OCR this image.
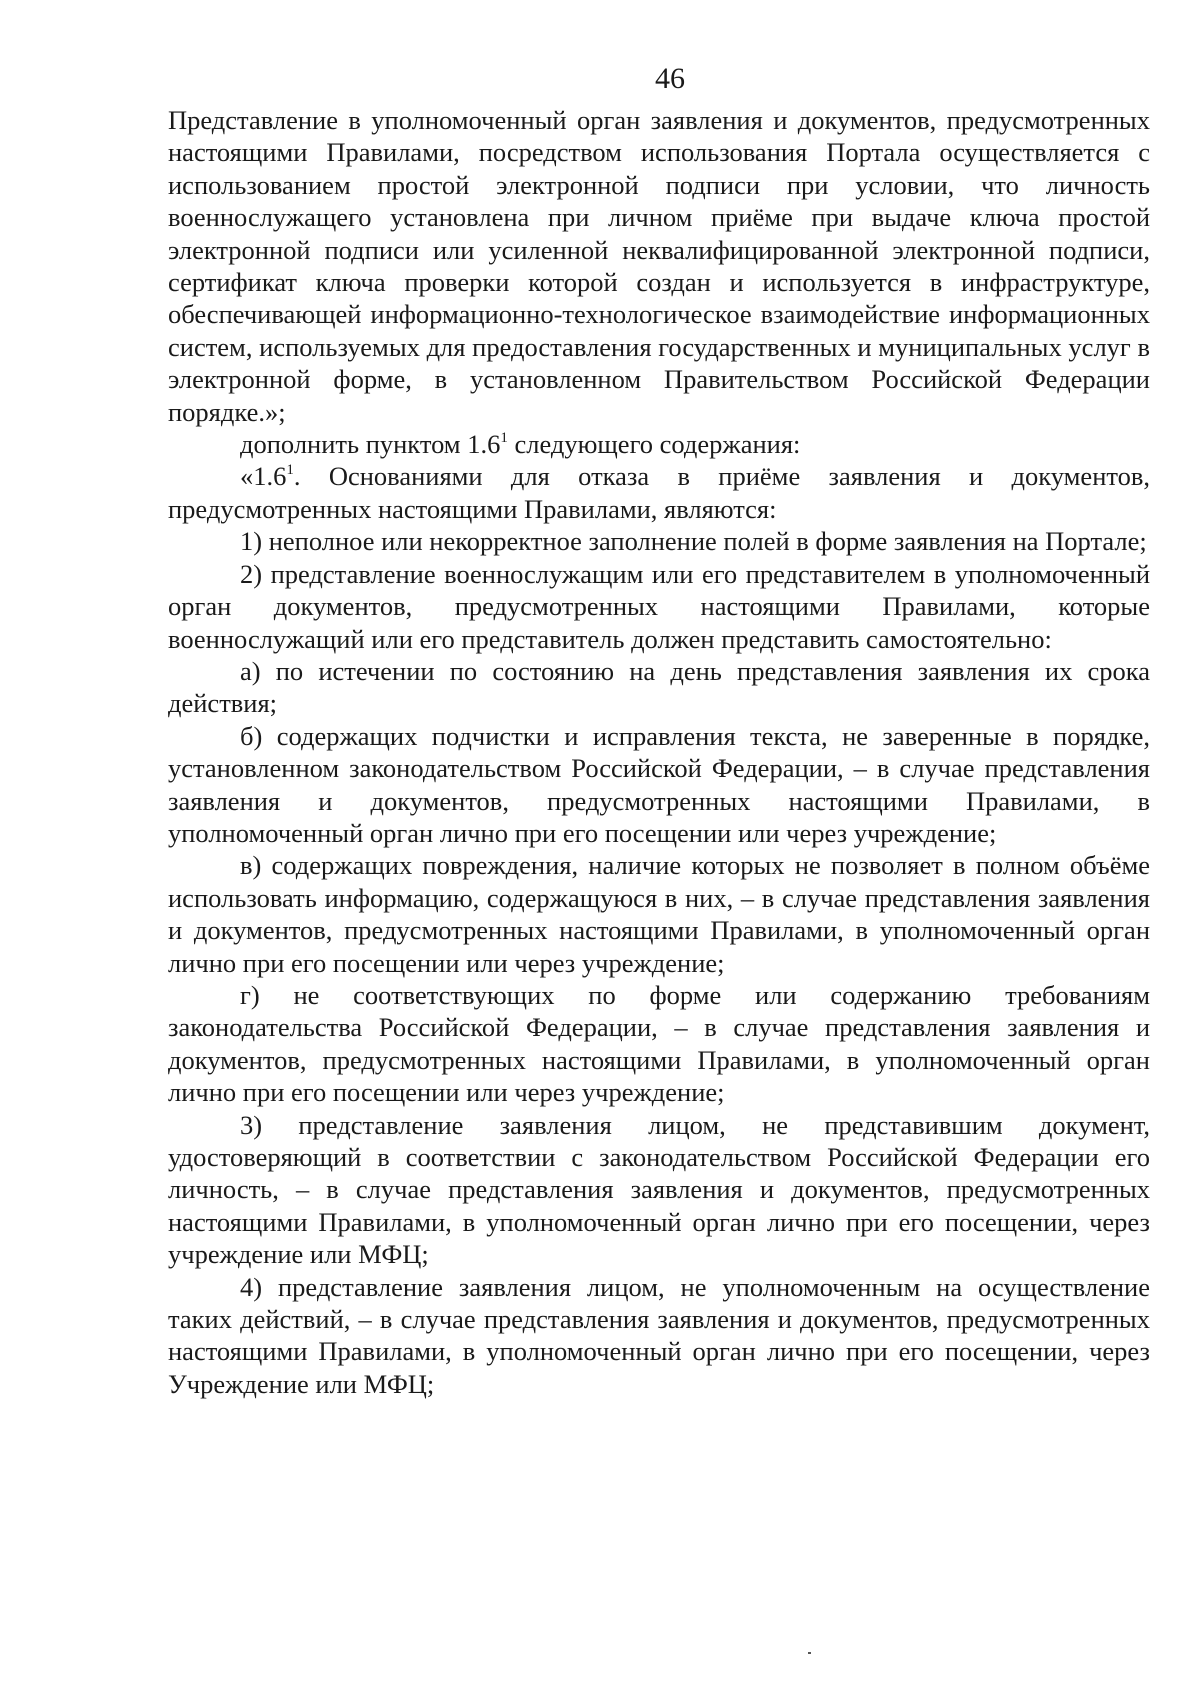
46

Представление в уполномоченный орган заявления и документов, предусмотренных настоящими Правилами, посредством использования Портала осуществляется с использованием простой электронной подписи при условии, что личность военнослужащего установлена при личном приёме при выдаче ключа простой электронной подписи или усиленной неквалифицированной электронной подписи, сертификат ключа проверки которой создан и используется в инфраструктуре, обеспечивающей информационно-технологическое взаимодействие информационных систем, используемых для предоставления государственных и муниципальных услуг в электронной форме, в установленном Правительством Российской Федерации порядке.»;

дополнить пунктом $1.6^1$ следующего содержания:

«$1.6^1$. Основаниями для отказа в приёме заявления и документов, предусмотренных настоящими Правилами, являются:

1) неполное или некорректное заполнение полей в форме заявления на Портале;

2) представление военнослужащим или его представителем в уполномоченный орган документов, предусмотренных настоящими Правилами, которые военнослужащий или его представитель должен представить самостоятельно:

а) по истечении по состоянию на день представления заявления их срока действия;

б) содержащих подчистки и исправления текста, не заверенные в порядке, установленном законодательством Российской Федерации, – в случае представления заявления и документов, предусмотренных настоящими Правилами, в уполномоченный орган лично при его посещении или через учреждение;

в) содержащих повреждения, наличие которых не позволяет в полном объёме использовать информацию, содержащуюся в них, – в случае представления заявления и документов, предусмотренных настоящими Правилами, в уполномоченный орган лично при его посещении или через учреждение;

г) не соответствующих по форме или содержанию требованиям законодательства Российской Федерации, – в случае представления заявления и документов, предусмотренных настоящими Правилами, в уполномоченный орган лично при его посещении или через учреждение;

3) представление заявления лицом, не представившим документ, удостоверяющий в соответствии с законодательством Российской Федерации его личность, – в случае представления заявления и документов, предусмотренных настоящими Правилами, в уполномоченный орган лично при его посещении, через учреждение или МФЦ;

4) представление заявления лицом, не уполномоченным на осуществление таких действий, – в случае представления заявления и документов, предусмотренных настоящими Правилами, в уполномоченный орган лично при его посещении, через Учреждение или МФЦ;
